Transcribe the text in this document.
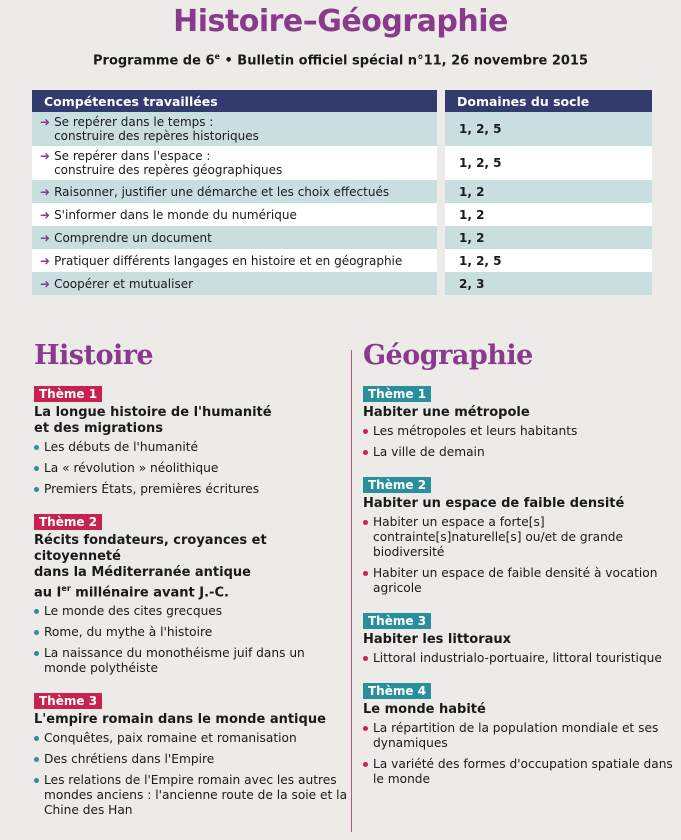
Histoire–Géographie
Programme de 6e • Bulletin officiel spécial n°11, 26 novembre 2015
Compétences travaillées		Domaines du socle

➜ Se repérer dans le temps :
construire des repères historiques		1, 2, 5

➜ Se repérer dans l'espace :
construire des repères géographiques		1, 2, 5

➜ Raisonner, justifier une démarche et les choix effectués		1, 2

➜ S'informer dans le monde du numérique		1, 2

➜ Comprendre un document		1, 2

➜ Pratiquer différents langages en histoire et en géographie		1, 2, 5

➜ Coopérer et mutualiser		2, 3
Histoire
Thème 1
La longue histoire de l'humanité
et des migrations
Les débuts de l'humanité
La « révolution » néolithique
Premiers États, premières écritures
Thème 2
Récits fondateurs, croyances et citoyenneté
dans la Méditerranée antique
au Ier millénaire avant J.-C.
Le monde des cites grecques
Rome, du mythe à l'histoire
La naissance du monothéisme juif dans un monde polythéiste
Thème 3
L'empire romain dans le monde antique
Conquêtes, paix romaine et romanisation
Des chrétiens dans l'Empire
Les relations de l'Empire romain avec les autres mondes anciens : l'ancienne route de la soie et la Chine des Han
Géographie
Thème 1
Habiter une métropole
Les métropoles et leurs habitants
La ville de demain
Thème 2
Habiter un espace de faible densité
Habiter un espace a forte[s] contrainte[s]naturelle[s] ou/et de grande biodiversité
Habiter un espace de faible densité à vocation agricole
Thème 3
Habiter les littoraux
Littoral industrialo-portuaire, littoral touristique
Thème 4
Le monde habité
La répartition de la population mondiale et ses dynamiques
La variété des formes d'occupation spatiale dans le monde
